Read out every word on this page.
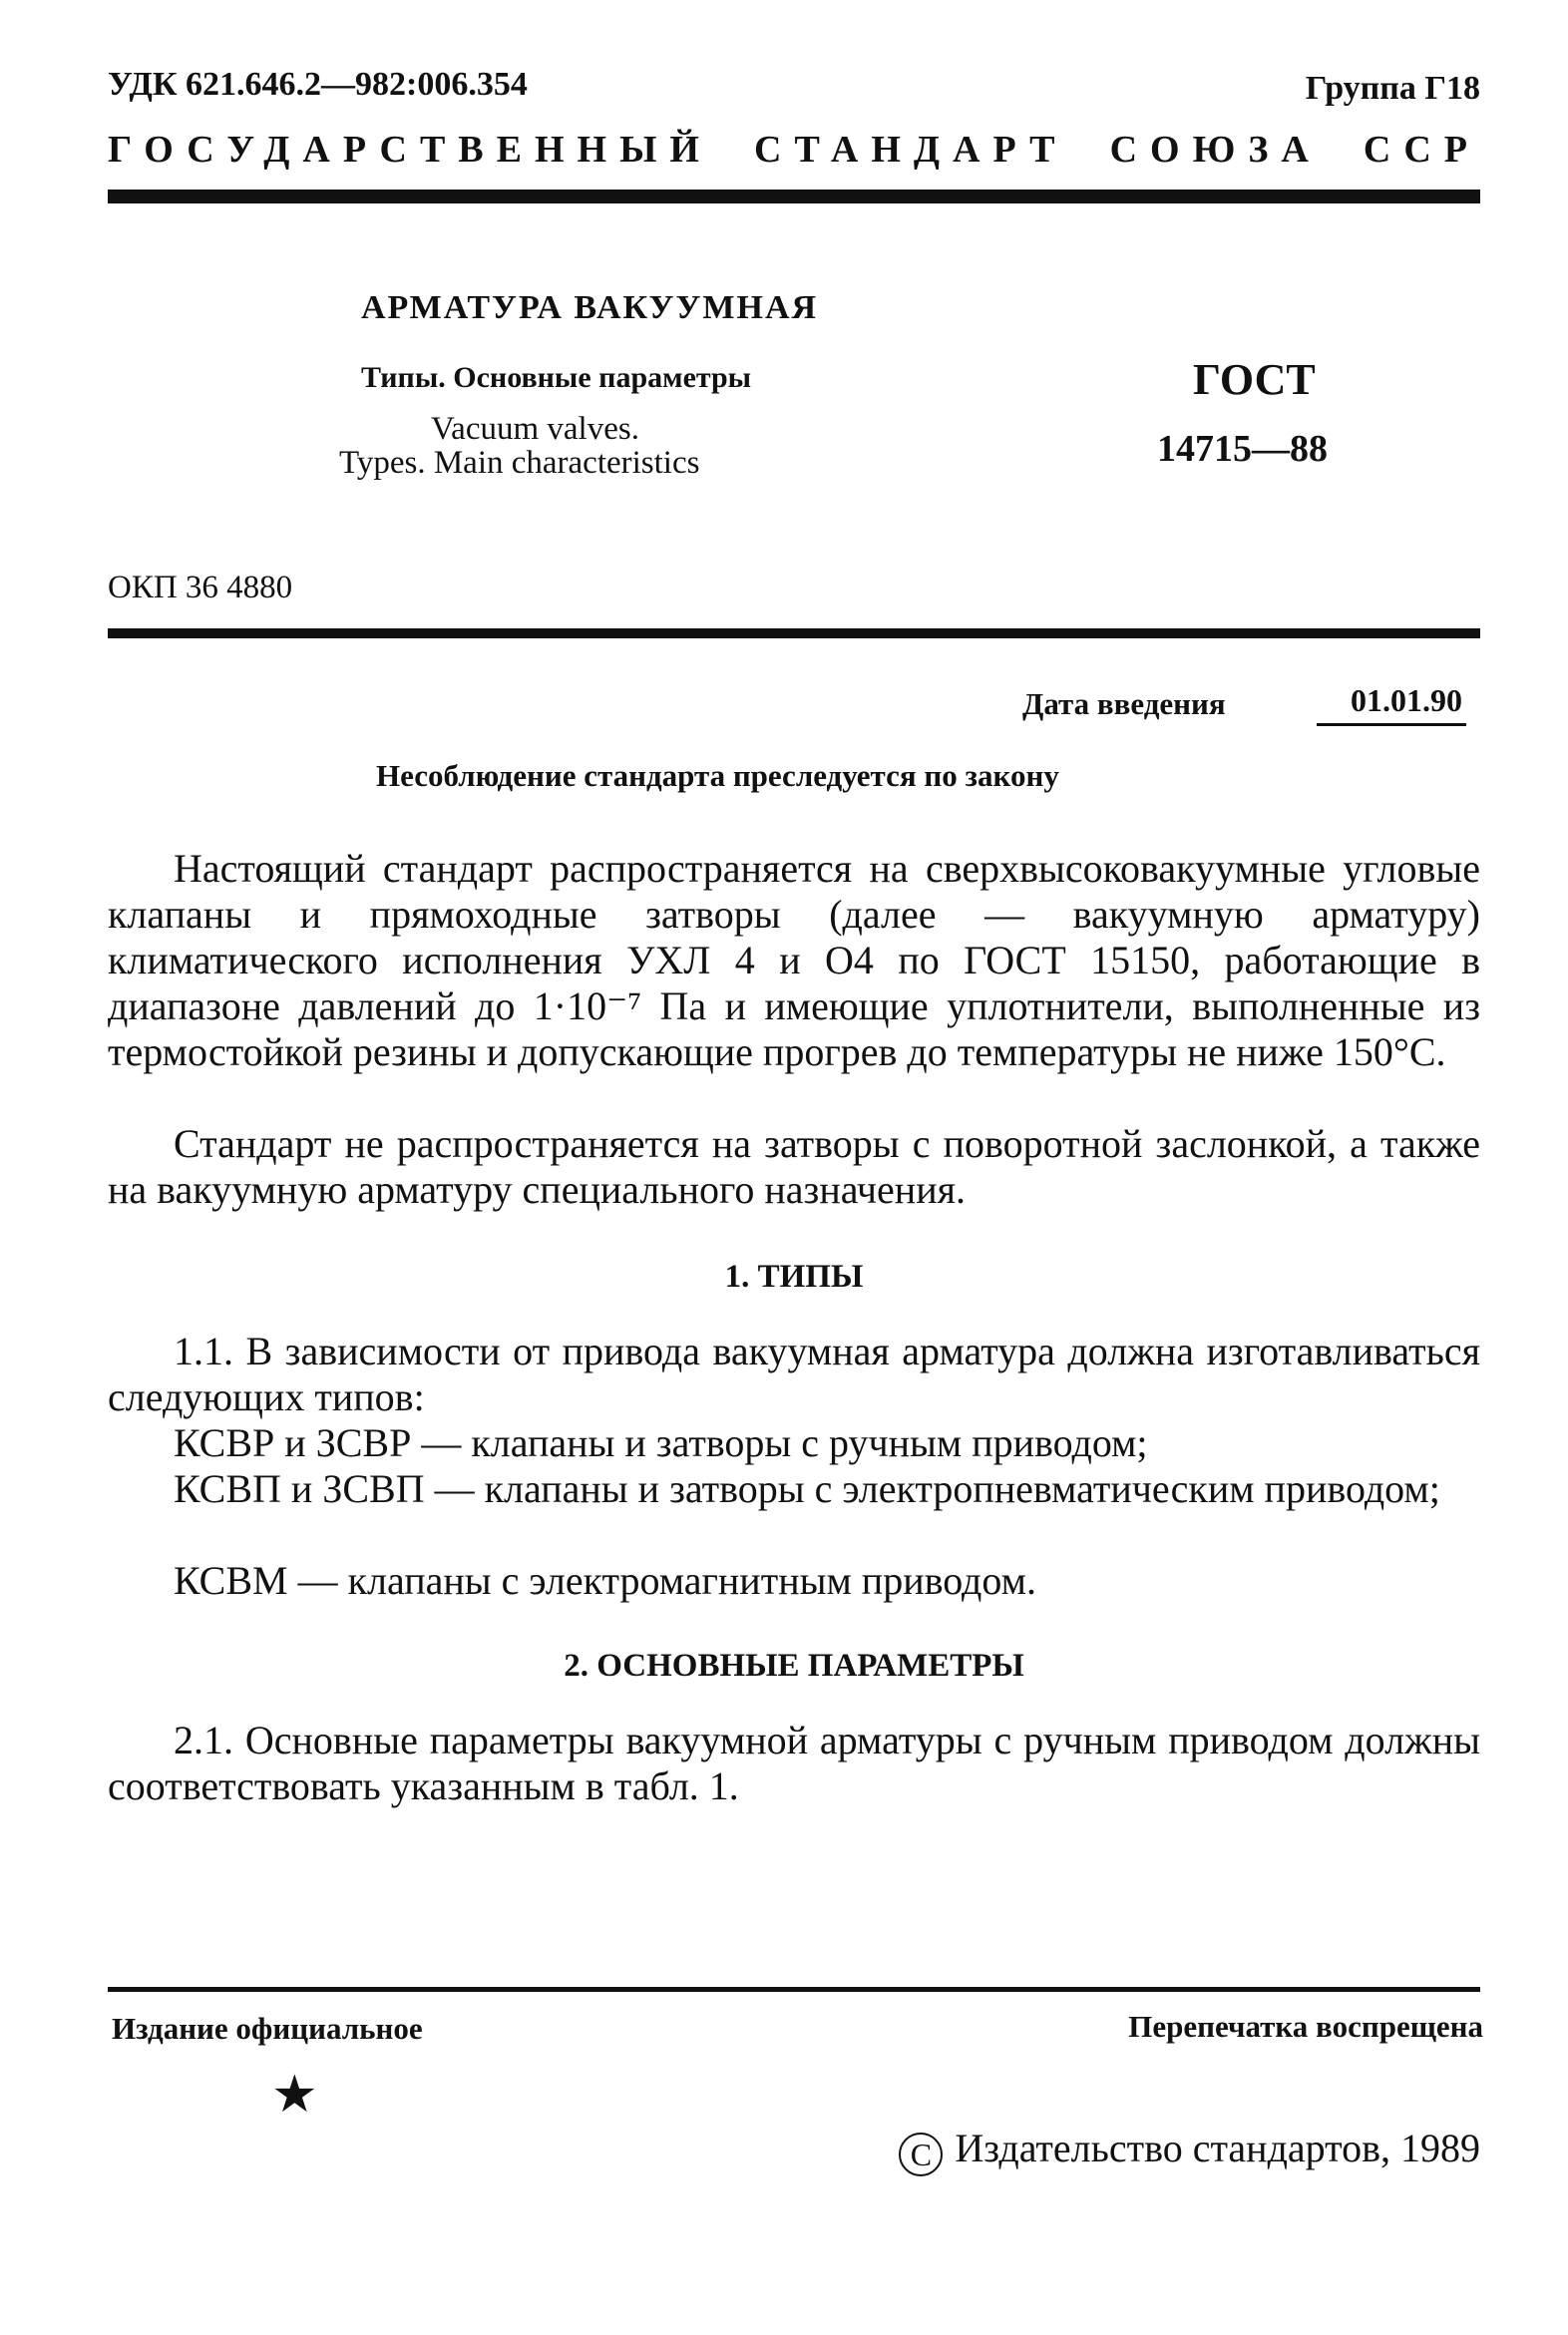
УДК 621.646.2—982:006.354	Группа Г18
ГОСУДАРСТВЕННЫЙ СТАНДАРТ СОЮЗА ССР
АРМАТУРА ВАКУУМНАЯ
Типы. Основные параметры
Vacuum valves.
Types. Main characteristics
ГОСТ
14715—88
ОКП 36 4880
Дата введения	01.01.90
Несоблюдение стандарта преследуется по закону
Настоящий стандарт распространяется на сверхвысоковакуумные угловые клапаны и прямоходные затворы (далее — вакуумную арматуру) климатического исполнения УХЛ 4 и О4 по ГОСТ 15150, работающие в диапазоне давлений до 1·10⁻⁷ Па и имеющие уплотнители, выполненные из термостойкой резины и допускающие прогрев до температуры не ниже 150°С.
Стандарт не распространяется на затворы с поворотной заслонкой, а также на вакуумную арматуру специального назначения.
1. ТИПЫ
1.1. В зависимости от привода вакуумная арматура должна изготавливаться следующих типов:
КСВР и ЗСВР — клапаны и затворы с ручным приводом;
КСВП и ЗСВП — клапаны и затворы с электропневматическим приводом;
КСВМ — клапаны с электромагнитным приводом.
2. ОСНОВНЫЕ ПАРАМЕТРЫ
2.1. Основные параметры вакуумной арматуры с ручным приводом должны соответствовать указанным в табл. 1.
Издание официальное	Перепечатка воспрещена
★
С Издательство стандартов, 1989
